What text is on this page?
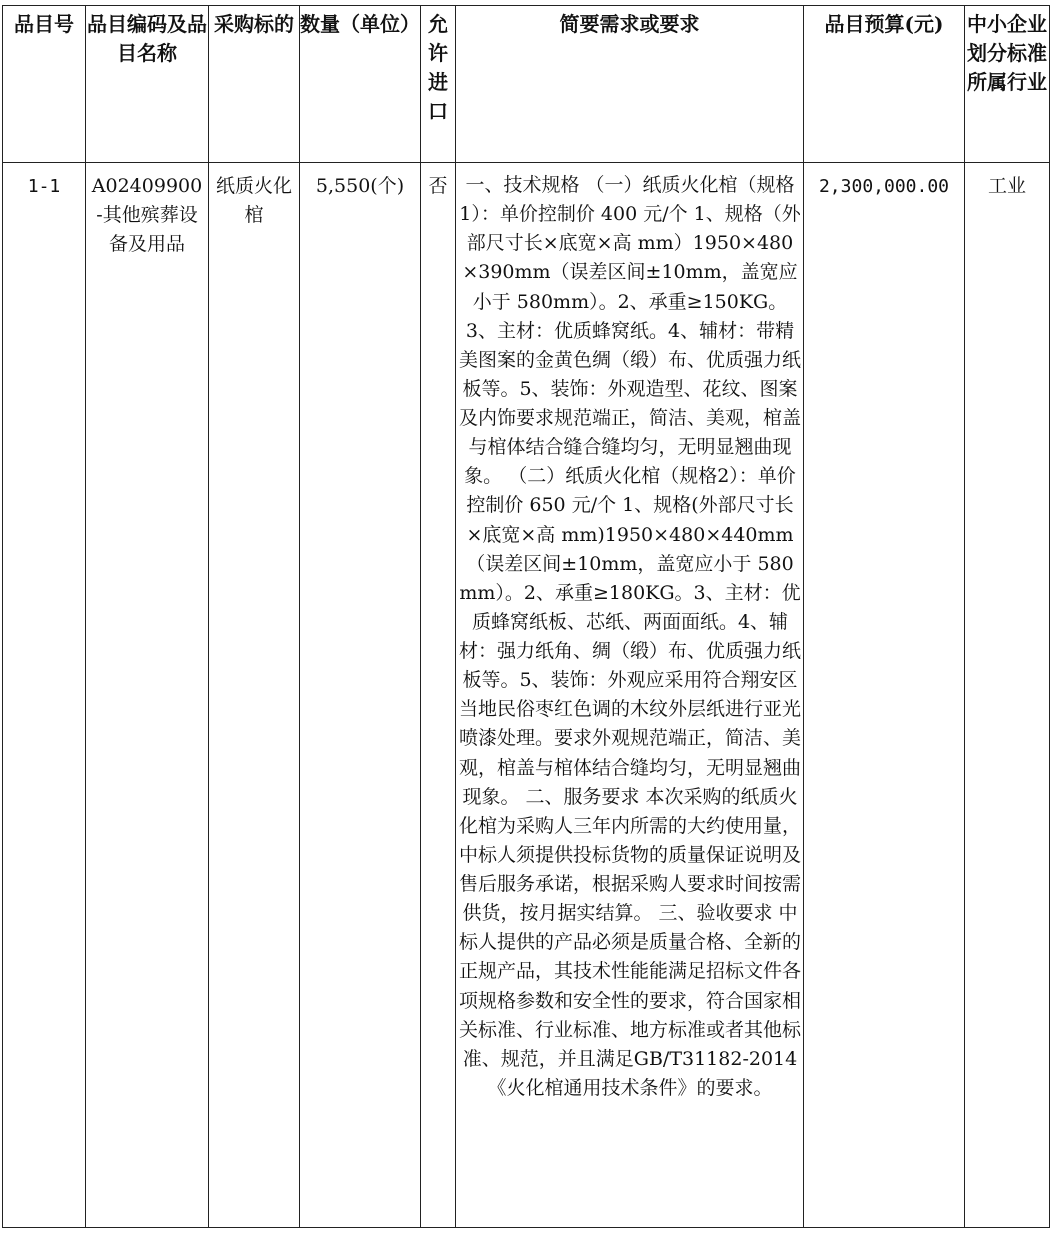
品目号	品目编码及品目名称	采购标的	数量（单位）	允许进口	简要需求或要求	品目预算(元)	中小企业划分标准所属行业
1-1	A02409900-其他殡葬设备及用品	纸质火化棺	5,550(个)	否	一、技术规格 （一）纸质火化棺（规格1）：单价控制价 400 元/个 1、规格（外部尺寸长×底宽×高 mm）1950×480×390mm（误差区间±10mm，盖宽应小于 580mm）。2、承重≥150KG。3、主材：优质蜂窝纸。4、辅材：带精美图案的金黄色绸（缎）布、优质强力纸板等。5、装饰：外观造型、花纹、图案及内饰要求规范端正，简洁、美观，棺盖与棺体结合缝合缝均匀，无明显翘曲现象。 （二）纸质火化棺（规格2）：单价控制价 650 元/个 1、规格(外部尺寸长×底宽×高 mm)1950×480×440mm（误差区间±10mm，盖宽应小于 580mm）。2、承重≥180KG。3、主材：优质蜂窝纸板、芯纸、两面面纸。4、辅材：强力纸角、绸（缎）布、优质强力纸板等。5、装饰：外观应采用符合翔安区当地民俗枣红色调的木纹外层纸进行亚光喷漆处理。要求外观规范端正，简洁、美观，棺盖与棺体结合缝均匀，无明显翘曲现象。 二、服务要求 本次采购的纸质火化棺为采购人三年内所需的大约使用量，中标人须提供投标货物的质量保证说明及售后服务承诺，根据采购人要求时间按需供货，按月据实结算。 三、验收要求 中标人提供的产品必须是质量合格、全新的正规产品，其技术性能能满足招标文件各项规格参数和安全性的要求，符合国家相关标准、行业标准、地方标准或者其他标准、规范，并且满足GB/T31182-2014《火化棺通用技术条件》的要求。	2,300,000.00	工业
